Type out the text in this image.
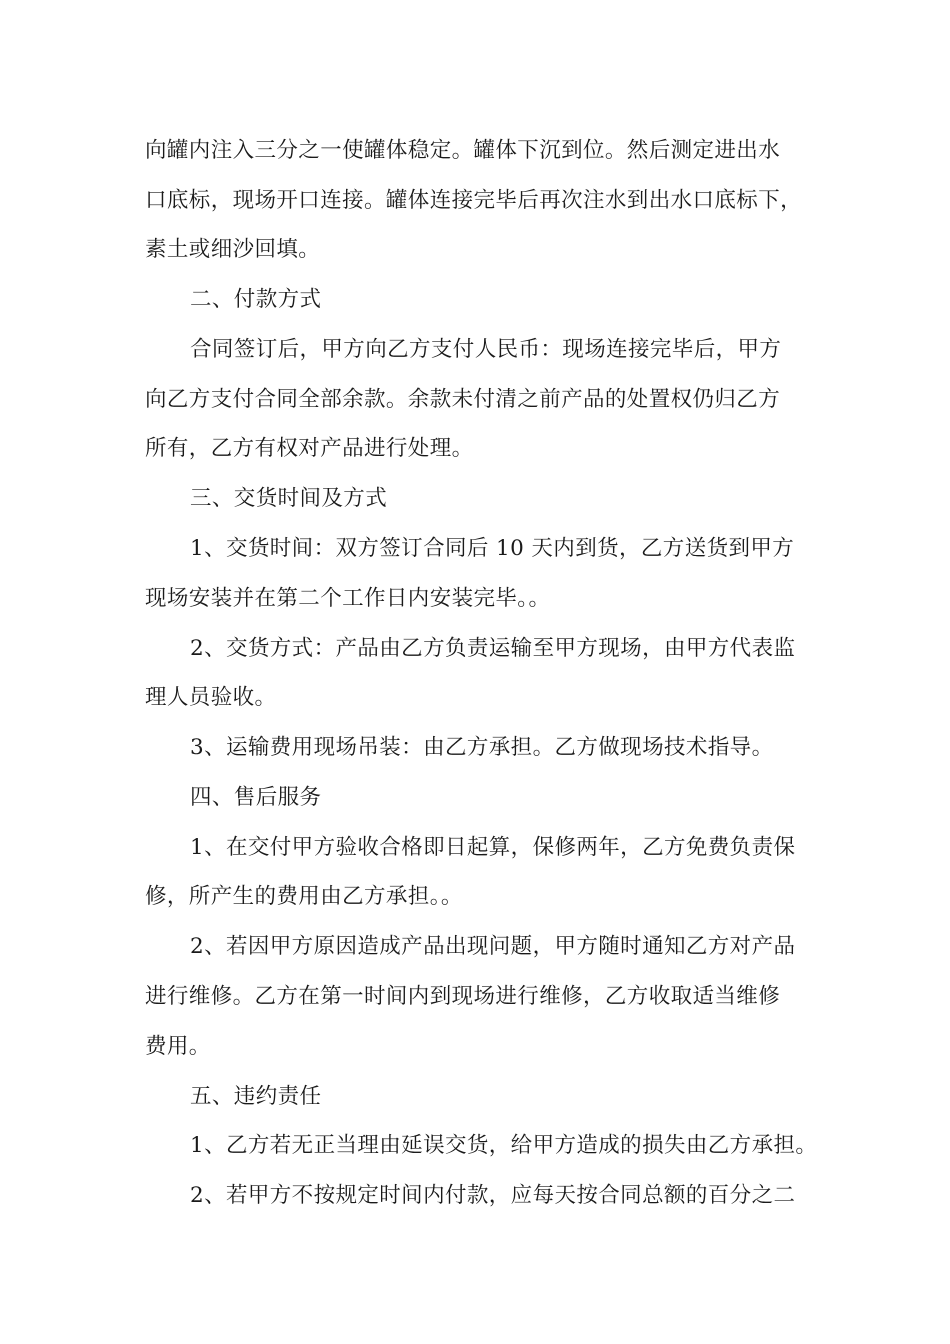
向罐内注入三分之一使罐体稳定。罐体下沉到位。然后测定进出水

口底标，现场开口连接。罐体连接完毕后再次注水到出水口底标下，

素土或细沙回填。

二、付款方式

合同签订后，甲方向乙方支付人民币：现场连接完毕后，甲方

向乙方支付合同全部余款。余款未付清之前产品的处置权仍归乙方

所有，乙方有权对产品进行处理。

三、交货时间及方式

1、交货时间：双方签订合同后 10 天内到货，乙方送货到甲方

现场安装并在第二个工作日内安装完毕。。

2、交货方式：产品由乙方负责运输至甲方现场，由甲方代表监

理人员验收。

3、运输费用现场吊装：由乙方承担。乙方做现场技术指导。

四、售后服务

1、在交付甲方验收合格即日起算，保修两年，乙方免费负责保

修，所产生的费用由乙方承担。。

2、若因甲方原因造成产品出现问题，甲方随时通知乙方对产品

进行维修。乙方在第一时间内到现场进行维修，乙方收取适当维修

费用。

五、违约责任

1、乙方若无正当理由延误交货，给甲方造成的损失由乙方承担。

2、若甲方不按规定时间内付款，应每天按合同总额的百分之二
